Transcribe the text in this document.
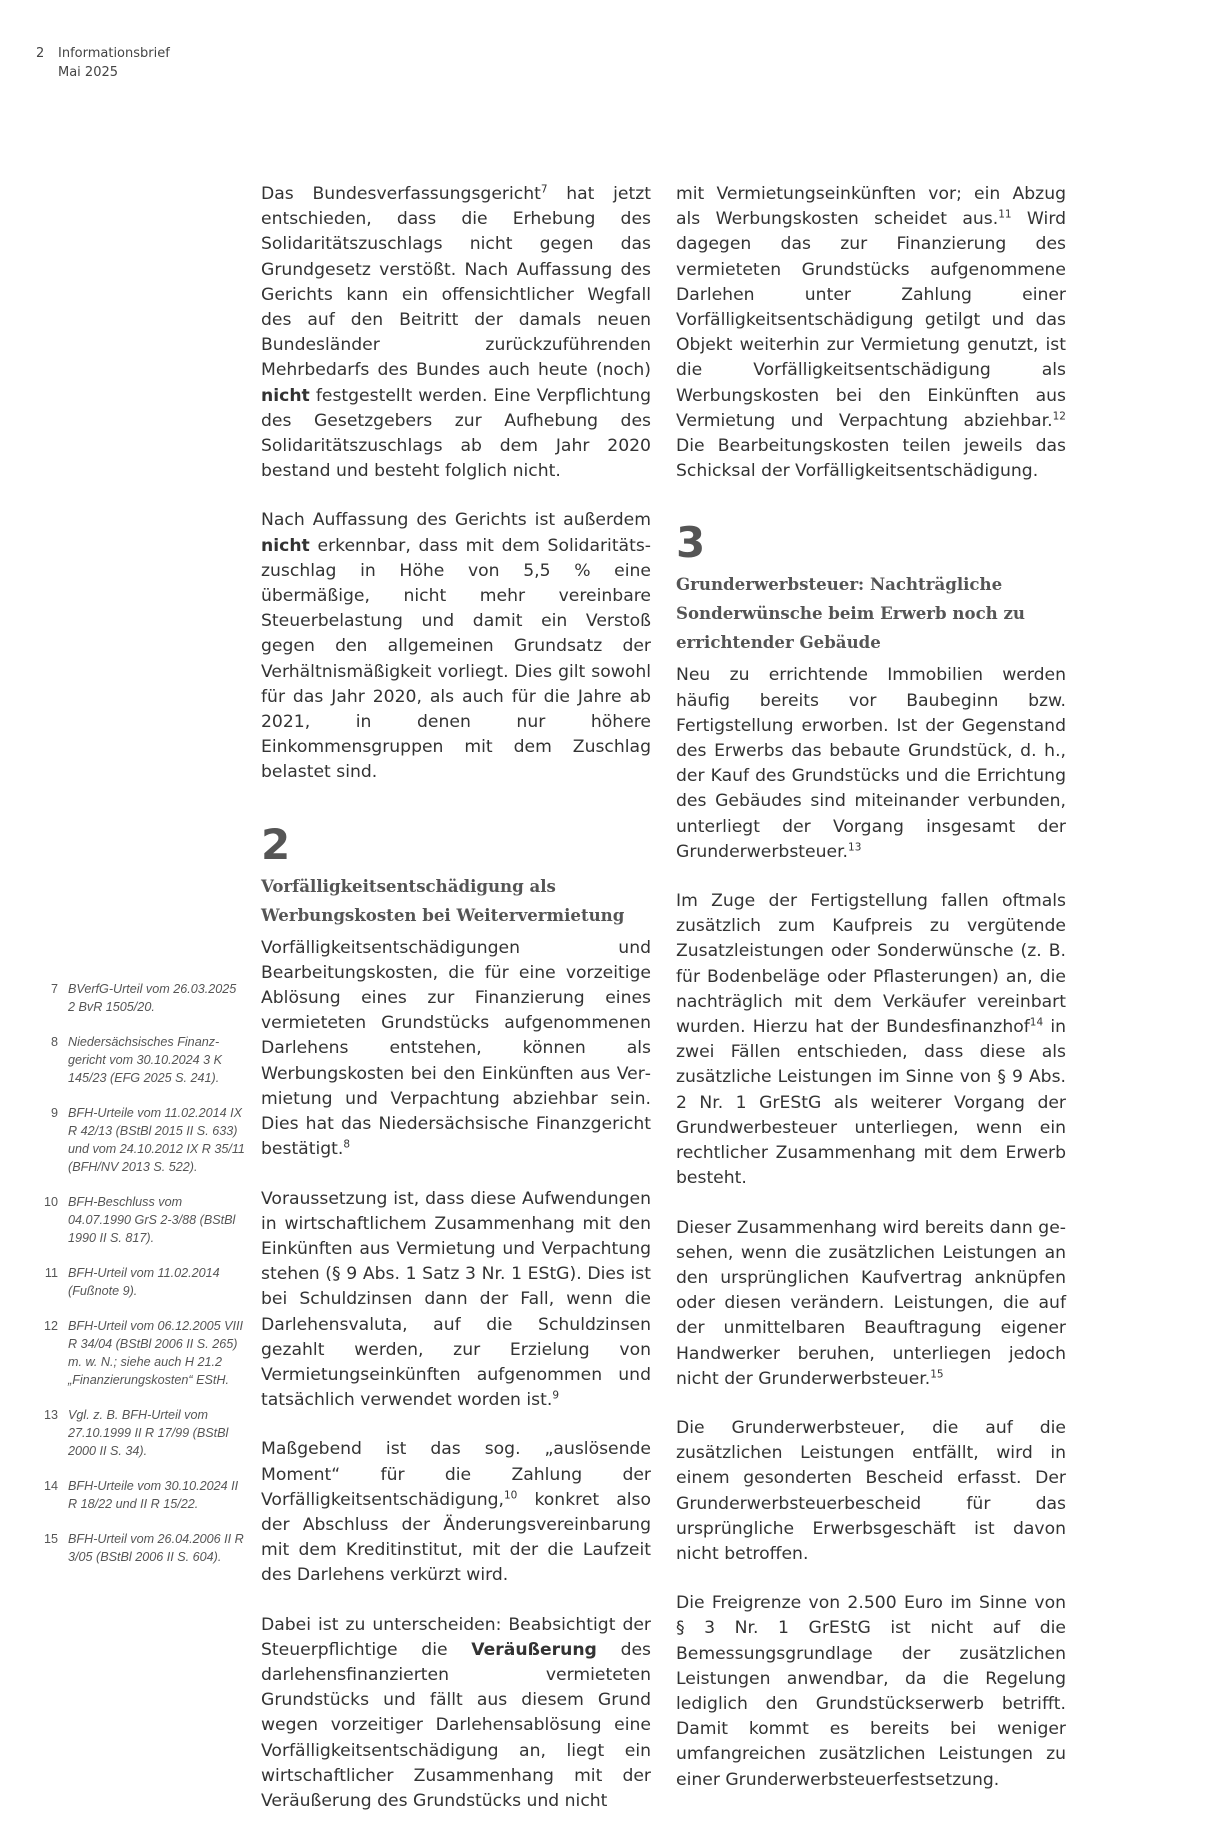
2 Informationsbrief
Mai 2025

Das Bundesverfassungsgericht$^7$ hat jetzt entschieden, dass die Erhebung des Solidaritätszuschlags nicht gegen das Grundgesetz verstößt. Nach Auffassung des Gerichts kann ein offensichtlicher Wegfall des auf den Beitritt der damals neuen Bundesländer zurückzuführenden Mehrbedarfs des Bundes auch heute (noch) nicht festgestellt werden. Eine Verpflichtung des Gesetzgebers zur Aufhebung des Solidaritätszuschlags ab dem Jahr 2020 bestand und besteht folglich nicht.

Nach Auffassung des Gerichts ist außerdem nicht erkennbar, dass mit dem Solidaritätszuschlag in Höhe von 5,5 % eine übermäßige, nicht mehr vereinbare Steuerbelastung und damit ein Verstoß gegen den allgemeinen Grundsatz der Verhältnismäßigkeit vorliegt. Dies gilt sowohl für das Jahr 2020, als auch für die Jahre ab 2021, in denen nur höhere Einkommensgruppen mit dem Zuschlag belastet sind.

2
Vorfälligkeitsentschädigung als Werbungskosten bei Weitervermietung

Vorfälligkeitsentschädigungen und Bearbeitungskosten, die für eine vorzeitige Ablösung eines zur Finanzierung eines vermieteten Grundstücks aufgenommenen Darlehens entstehen, können als Werbungskosten bei den Einkünften aus Vermietung und Verpachtung abziehbar sein. Dies hat das Niedersächsische Finanzgericht bestätigt.$^8$

Voraussetzung ist, dass diese Aufwendungen in wirtschaftlichem Zusammenhang mit den Einkünften aus Vermietung und Verpachtung stehen (§ 9 Abs. 1 Satz 3 Nr. 1 EStG). Dies ist bei Schuldzinsen dann der Fall, wenn die Darlehensvaluta, auf die Schuldzinsen gezahlt werden, zur Erzielung von Vermietungseinkünften aufgenommen und tatsächlich verwendet worden ist.$^9$

Maßgebend ist das sog. „auslösende Moment“ für die Zahlung der Vorfälligkeitsentschädigung,$^{10}$ konkret also der Abschluss der Änderungsvereinbarung mit dem Kreditinstitut, mit der die Laufzeit des Darlehens verkürzt wird.

Dabei ist zu unterscheiden: Beabsichtigt der Steuerpflichtige die Veräußerung des darlehensfinanzierten vermieteten Grundstücks und fällt aus diesem Grund wegen vorzeitiger Darlehensablösung eine Vorfälligkeitsentschädigung an, liegt ein wirtschaftlicher Zusammenhang mit der Veräußerung des Grundstücks und nicht

mit Vermietungseinkünften vor; ein Abzug als Werbungskosten scheidet aus.$^{11}$ Wird dagegen das zur Finanzierung des vermieteten Grundstücks aufgenommene Darlehen unter Zahlung einer Vorfälligkeitsentschädigung getilgt und das Objekt weiterhin zur Vermietung genutzt, ist die Vorfälligkeitsentschädigung als Werbungskosten bei den Einkünften aus Vermietung und Verpachtung abziehbar.$^{12}$ Die Bearbeitungskosten teilen jeweils das Schicksal der Vorfälligkeitsentschädigung.

3
Grunderwerbsteuer: Nachträgliche Sonderwünsche beim Erwerb noch zu errichtender Gebäude

Neu zu errichtende Immobilien werden häufig bereits vor Baubeginn bzw. Fertigstellung erworben. Ist der Gegenstand des Erwerbs das bebaute Grundstück, d. h., der Kauf des Grundstücks und die Errichtung des Gebäudes sind miteinander verbunden, unterliegt der Vorgang insgesamt der Grunderwerbsteuer.$^{13}$

Im Zuge der Fertigstellung fallen oftmals zusätzlich zum Kaufpreis zu vergütende Zusatzleistungen oder Sonderwünsche (z. B. für Bodenbeläge oder Pflasterungen) an, die nachträglich mit dem Verkäufer vereinbart wurden. Hierzu hat der Bundesfinanzhof$^{14}$ in zwei Fällen entschieden, dass diese als zusätzliche Leistungen im Sinne von § 9 Abs. 2 Nr. 1 GrEStG als weiterer Vorgang der Grundwerbesteuer unterliegen, wenn ein rechtlicher Zusammenhang mit dem Erwerb besteht.

Dieser Zusammenhang wird bereits dann gesehen, wenn die zusätzlichen Leistungen an den ursprünglichen Kaufvertrag anknüpfen oder diesen verändern. Leistungen, die auf der unmittelbaren Beauftragung eigener Handwerker beruhen, unterliegen jedoch nicht der Grunderwerbsteuer.$^{15}$

Die Grunderwerbsteuer, die auf die zusätzlichen Leistungen entfällt, wird in einem gesonderten Bescheid erfasst. Der Grunderwerbsteuerbescheid für das ursprüngliche Erwerbsgeschäft ist davon nicht betroffen.

Die Freigrenze von 2.500 Euro im Sinne von § 3 Nr. 1 GrEStG ist nicht auf die Bemessungsgrundlage der zusätzlichen Leistungen anwendbar, da die Regelung lediglich den Grundstückserwerb betrifft. Damit kommt es bereits bei weniger umfangreichen zusätzlichen Leistungen zu einer Grunderwerbsteuerfestsetzung.

7 BVerfG-Urteil vom 26.03.2025 2 BvR 1505/20.
8 Niedersächsisches Finanzgericht vom 30.10.2024 3 K 145/23 (EFG 2025 S. 241).
9 BFH-Urteile vom 11.02.2014 IX R 42/13 (BStBl 2015 II S. 633) und vom 24.10.2012 IX R 35/11 (BFH/NV 2013 S. 522).
10 BFH-Beschluss vom 04.07.1990 GrS 2-3/88 (BStBl 1990 II S. 817).
11 BFH-Urteil vom 11.02.2014 (Fußnote 9).
12 BFH-Urteil vom 06.12.2005 VIII R 34/04 (BStBl 2006 II S. 265) m. w. N.; siehe auch H 21.2 „Finanzierungskosten“ EStH.
13 Vgl. z. B. BFH-Urteil vom 27.10.1999 II R 17/99 (BStBl 2000 II S. 34).
14 BFH-Urteile vom 30.10.2024 II R 18/22 und II R 15/22.
15 BFH-Urteil vom 26.04.2006 II R 3/05 (BStBl 2006 II S. 604).
